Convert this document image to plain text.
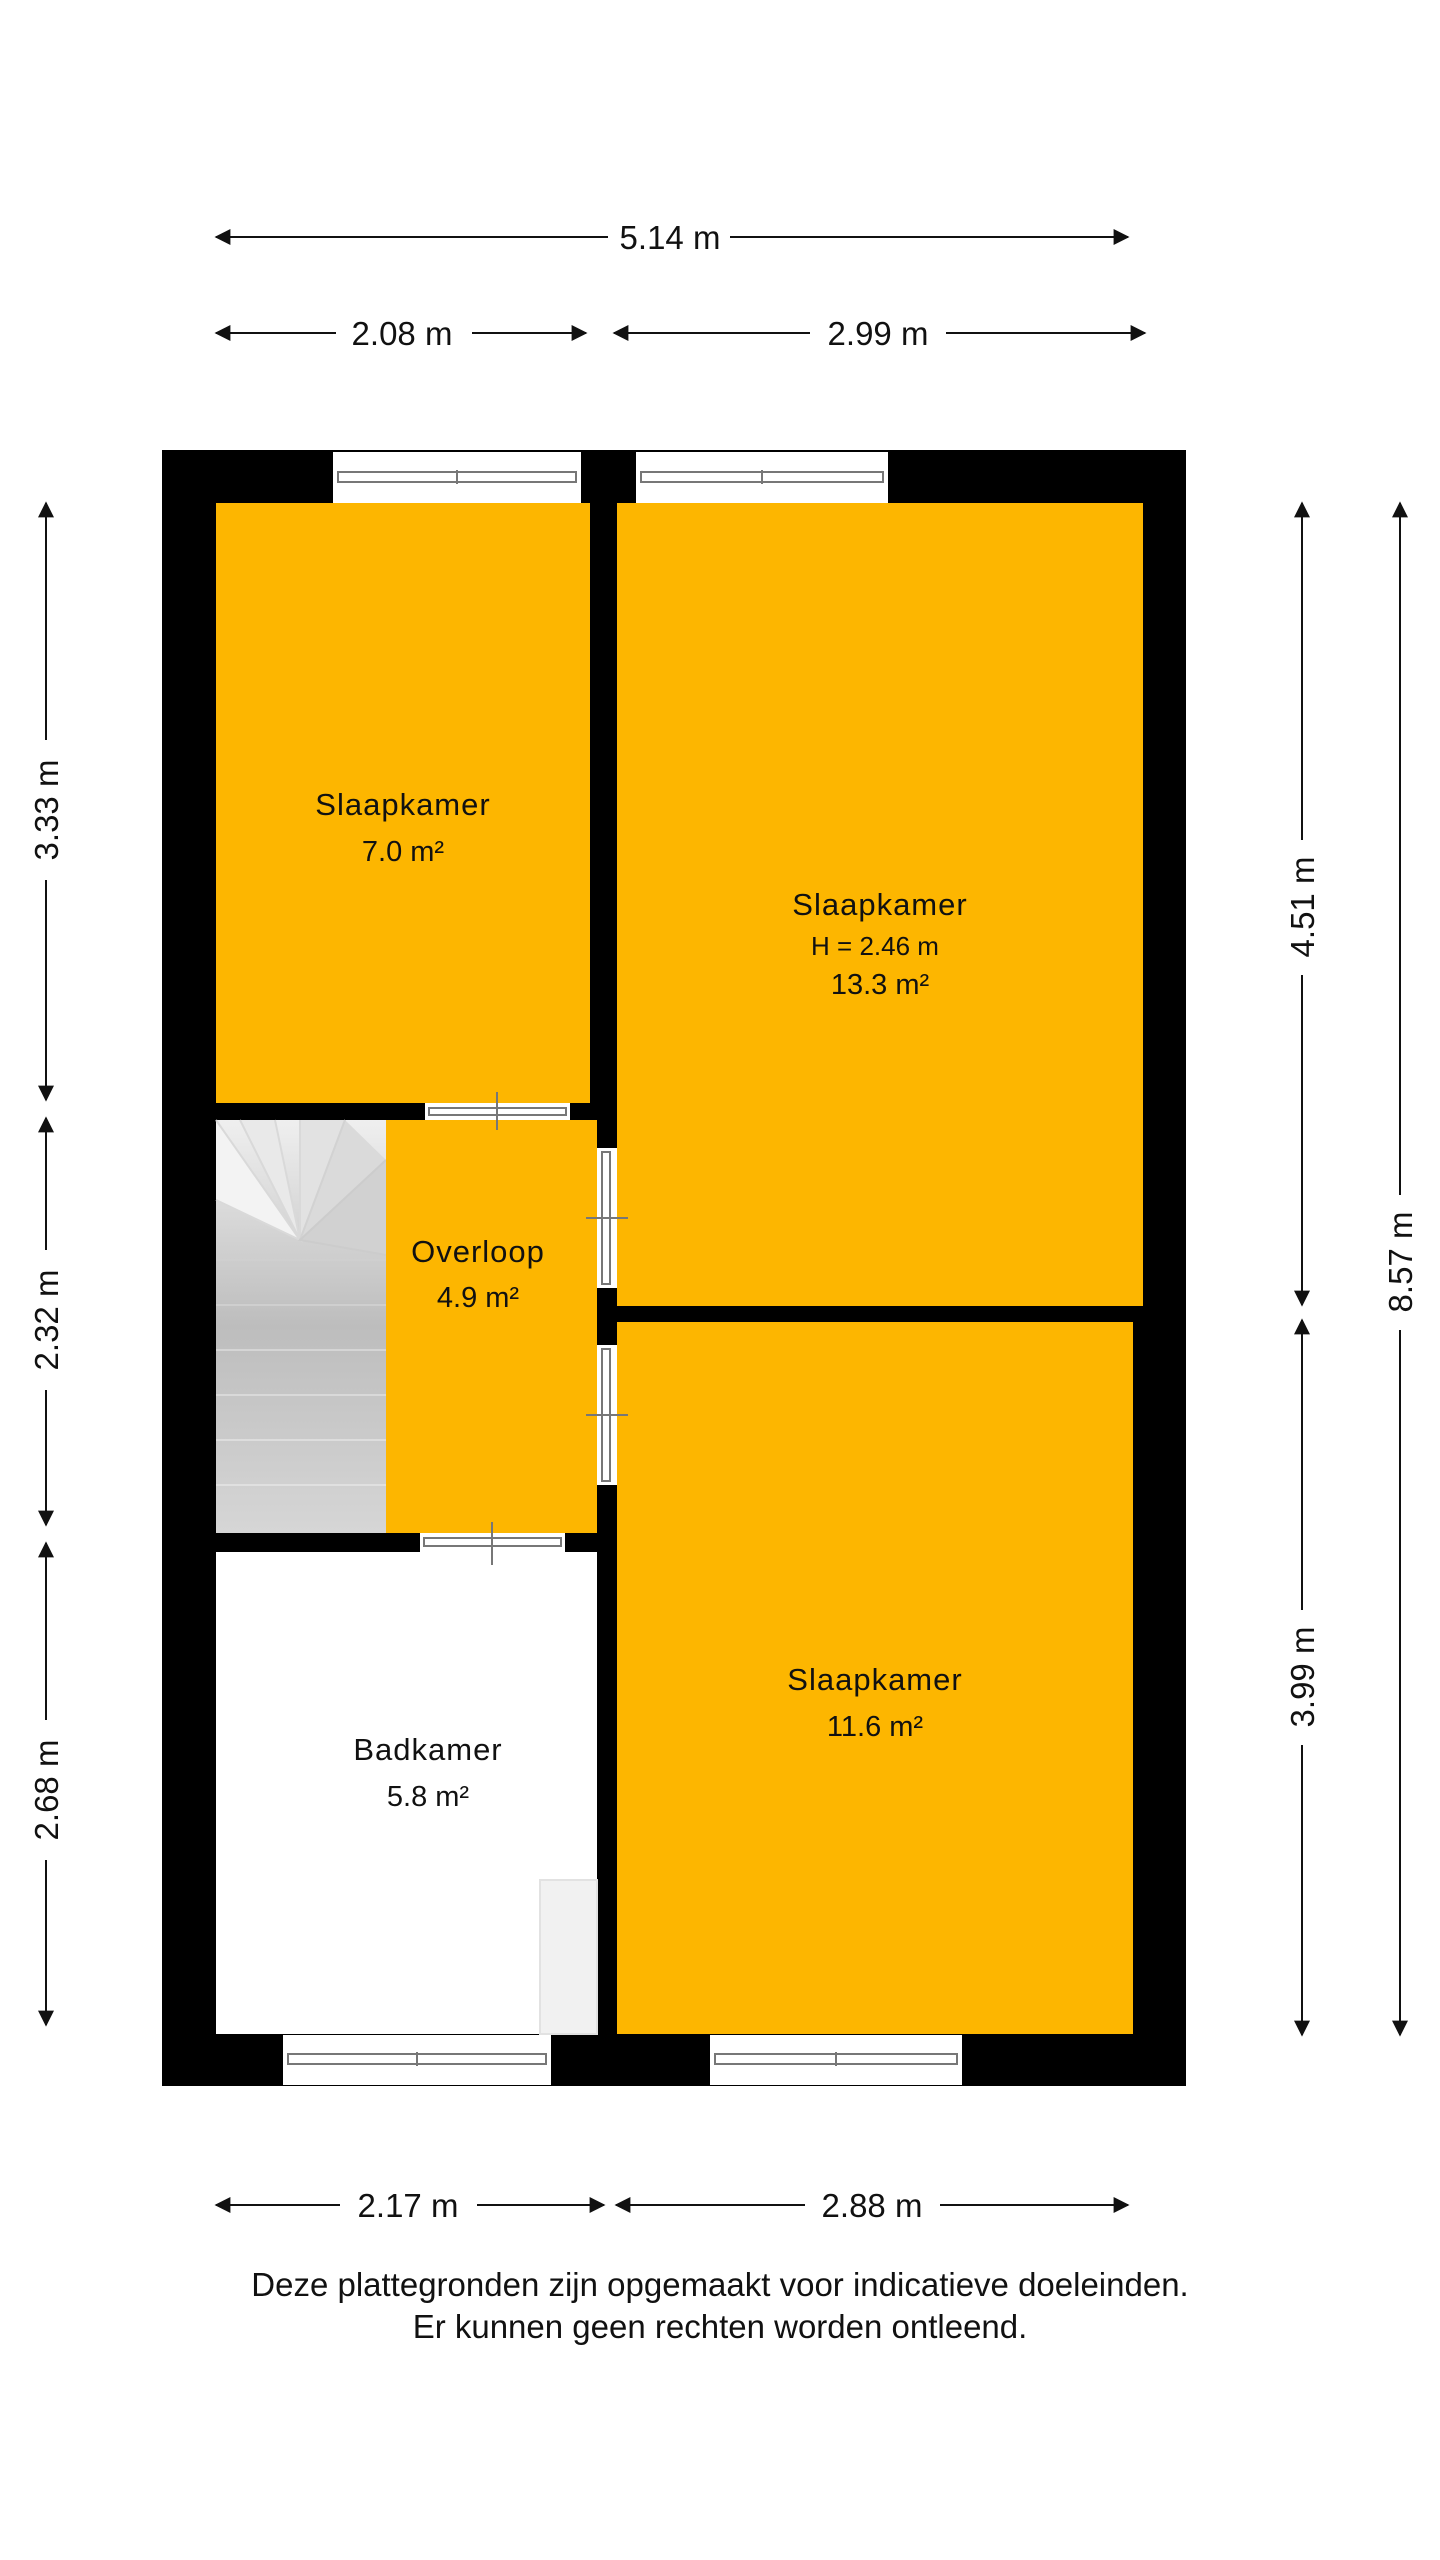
5.14 m
2.08 m	2.99 m
3.33 m
2.32 m
2.68 m
4.51 m
3.99 m
8.57 m
2.17 m	2.88 m
Slaapkamer
7.0 m²
Slaapkamer
H = 2.46 m
13.3 m²
Overloop
4.9 m²
Badkamer
5.8 m²
Slaapkamer
11.6 m²
Deze plattegronden zijn opgemaakt voor indicatieve doeleinden.
Er kunnen geen rechten worden ontleend.
